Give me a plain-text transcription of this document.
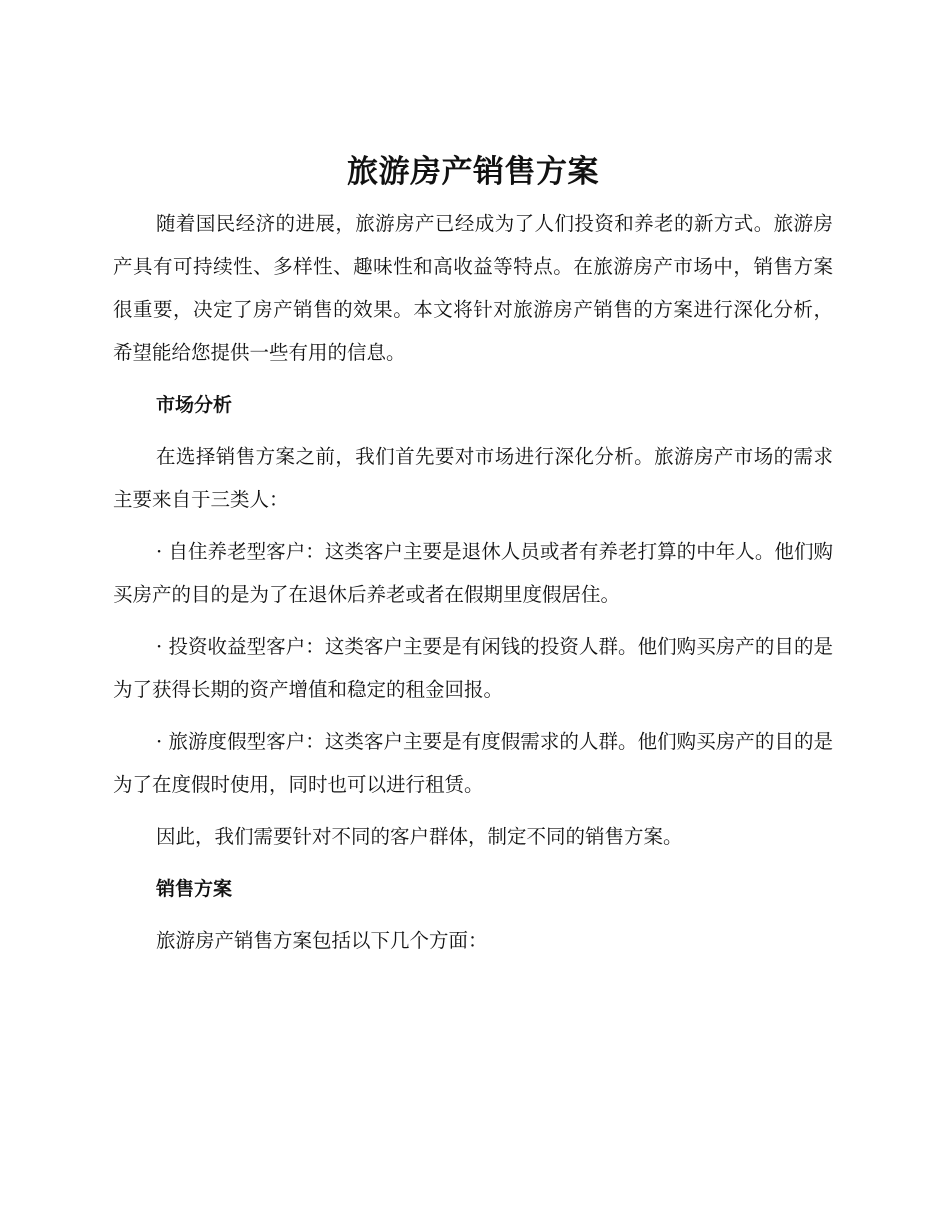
旅游房产销售方案

随着国民经济的进展，旅游房产已经成为了人们投资和养老的新方式。旅游房产具有可持续性、多样性、趣味性和高收益等特点。在旅游房产市场中，销售方案很重要，决定了房产销售的效果。本文将针对旅游房产销售的方案进行深化分析，希望能给您提供一些有用的信息。

市场分析

在选择销售方案之前，我们首先要对市场进行深化分析。旅游房产市场的需求主要来自于三类人：

· 自住养老型客户：这类客户主要是退休人员或者有养老打算的中年人。他们购买房产的目的是为了在退休后养老或者在假期里度假居住。

· 投资收益型客户：这类客户主要是有闲钱的投资人群。他们购买房产的目的是为了获得长期的资产增值和稳定的租金回报。

· 旅游度假型客户：这类客户主要是有度假需求的人群。他们购买房产的目的是为了在度假时使用，同时也可以进行租赁。

因此，我们需要针对不同的客户群体，制定不同的销售方案。

销售方案

旅游房产销售方案包括以下几个方面：
